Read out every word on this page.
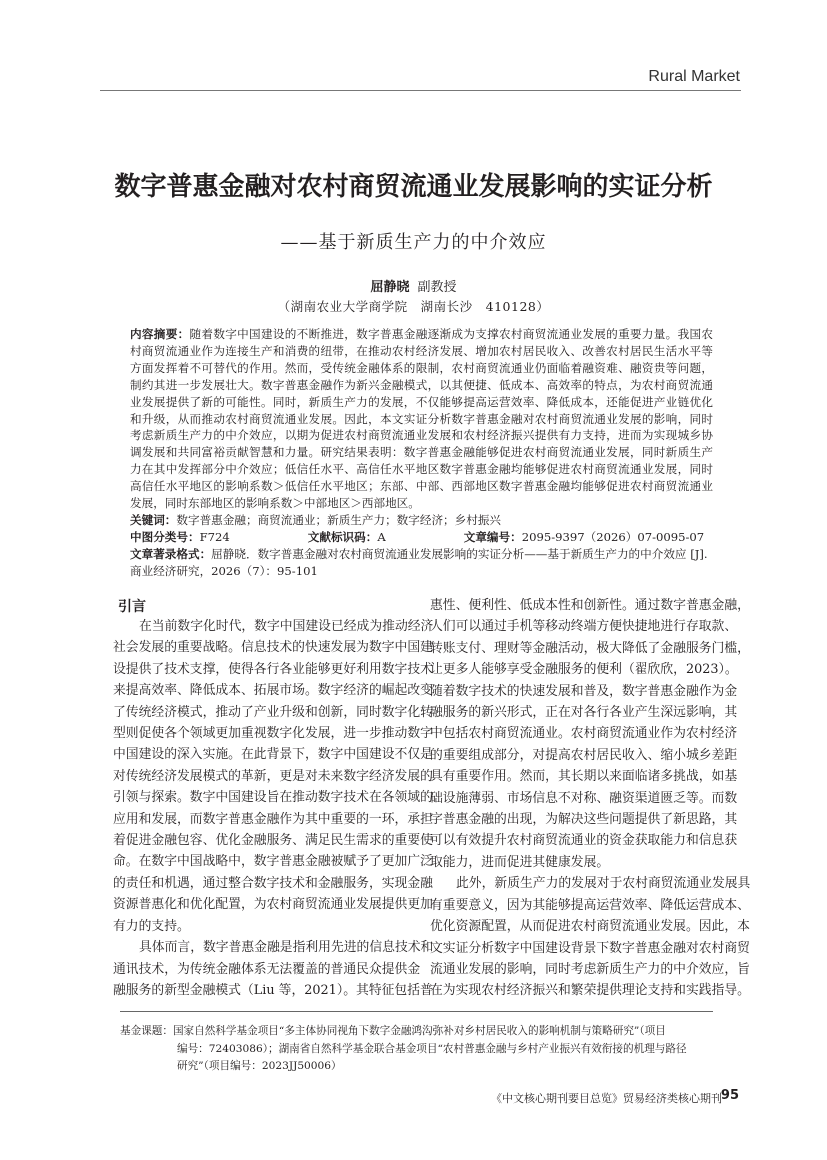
Rural Market
数字普惠金融对农村商贸流通业发展影响的实证分析
——基于新质生产力的中介效应
屈静晓 副教授
（湖南农业大学商学院　湖南长沙　410128）
内容摘要：随着数字中国建设的不断推进，数字普惠金融逐渐成为支撑农村商贸流通业发展的重要力量。我国农
村商贸流通业作为连接生产和消费的纽带，在推动农村经济发展、增加农村居民收入、改善农村居民生活水平等
方面发挥着不可替代的作用。然而，受传统金融体系的限制，农村商贸流通业仍面临着融资难、融资贵等问题，
制约其进一步发展壮大。数字普惠金融作为新兴金融模式，以其便捷、低成本、高效率的特点，为农村商贸流通
业发展提供了新的可能性。同时，新质生产力的发展，不仅能够提高运营效率、降低成本，还能促进产业链优化
和升级，从而推动农村商贸流通业发展。因此，本文实证分析数字普惠金融对农村商贸流通业发展的影响，同时
考虑新质生产力的中介效应，以期为促进农村商贸流通业发展和农村经济振兴提供有力支持，进而为实现城乡协
调发展和共同富裕贡献智慧和力量。研究结果表明：数字普惠金融能够促进农村商贸流通业发展，同时新质生产
力在其中发挥部分中介效应；低信任水平、高信任水平地区数字普惠金融均能够促进农村商贸流通业发展，同时
高信任水平地区的影响系数＞低信任水平地区；东部、中部、西部地区数字普惠金融均能够促进农村商贸流通业
发展，同时东部地区的影响系数＞中部地区＞西部地区。
关键词： 数字普惠金融；商贸流通业；新质生产力；数字经济；乡村振兴
中图分类号：F724	文献标识码：A	文章编号：2095-9397（2026）07-0095-07
文章著录格式： 屈静晓．数字普惠金融对农村商贸流通业发展影响的实证分析——基于新质生产力的中介效应 [J].
商业经济研究，2026（7）：95-101
引言
在当前数字化时代，数字中国建设已经成为推动经济
社会发展的重要战略。信息技术的快速发展为数字中国建
设提供了技术支撑，使得各行各业能够更好利用数字技术
来提高效率、降低成本、拓展市场。数字经济的崛起改变
了传统经济模式，推动了产业升级和创新，同时数字化转
型则促使各个领域更加重视数字化发展，进一步推动数字
中国建设的深入实施。在此背景下，数字中国建设不仅是
对传统经济发展模式的革新，更是对未来数字经济发展的
引领与探索。数字中国建设旨在推动数字技术在各领域的
应用和发展，而数字普惠金融作为其中重要的一环，承担
着促进金融包容、优化金融服务、满足民生需求的重要使
命。在数字中国战略中，数字普惠金融被赋予了更加广泛
的责任和机遇，通过整合数字技术和金融服务，实现金融
资源普惠化和优化配置，为农村商贸流通业发展提供更加
有力的支持。
具体而言，数字普惠金融是指利用先进的信息技术和
通讯技术，为传统金融体系无法覆盖的普通民众提供金
融服务的新型金融模式（Liu 等，2021）。其特征包括普
惠性、便利性、低成本性和创新性。通过数字普惠金融，
人们可以通过手机等移动终端方便快捷地进行存取款、
转账支付、理财等金融活动，极大降低了金融服务门槛，
让更多人能够享受金融服务的便利（翟欣欣，2023）。
随着数字技术的快速发展和普及，数字普惠金融作为金
融服务的新兴形式，正在对各行各业产生深远影响，其
中包括农村商贸流通业。农村商贸流通业作为农村经济
的重要组成部分，对提高农村居民收入、缩小城乡差距
具有重要作用。然而，其长期以来面临诸多挑战，如基
础设施薄弱、市场信息不对称、融资渠道匮乏等。而数
字普惠金融的出现，为解决这些问题提供了新思路，其
可以有效提升农村商贸流通业的资金获取能力和信息获
取能力，进而促进其健康发展。
此外，新质生产力的发展对于农村商贸流通业发展具
有重要意义，因为其能够提高运营效率、降低运营成本、
优化资源配置，从而促进农村商贸流通业发展。因此，本
文实证分析数字中国建设背景下数字普惠金融对农村商贸
流通业发展的影响，同时考虑新质生产力的中介效应，旨
在为实现农村经济振兴和繁荣提供理论支持和实践指导。
基金课题：国家自然科学基金项目“多主体协同视角下数字金融鸿沟弥补对乡村居民收入的影响机制与策略研究”（项目
编号：72403086）；湖南省自然科学基金联合基金项目“农村普惠金融与乡村产业振兴有效衔接的机理与路径
研究”（项目编号：2023JJ50006）
《中文核心期刊要目总览》贸易经济类核心期刊
95
